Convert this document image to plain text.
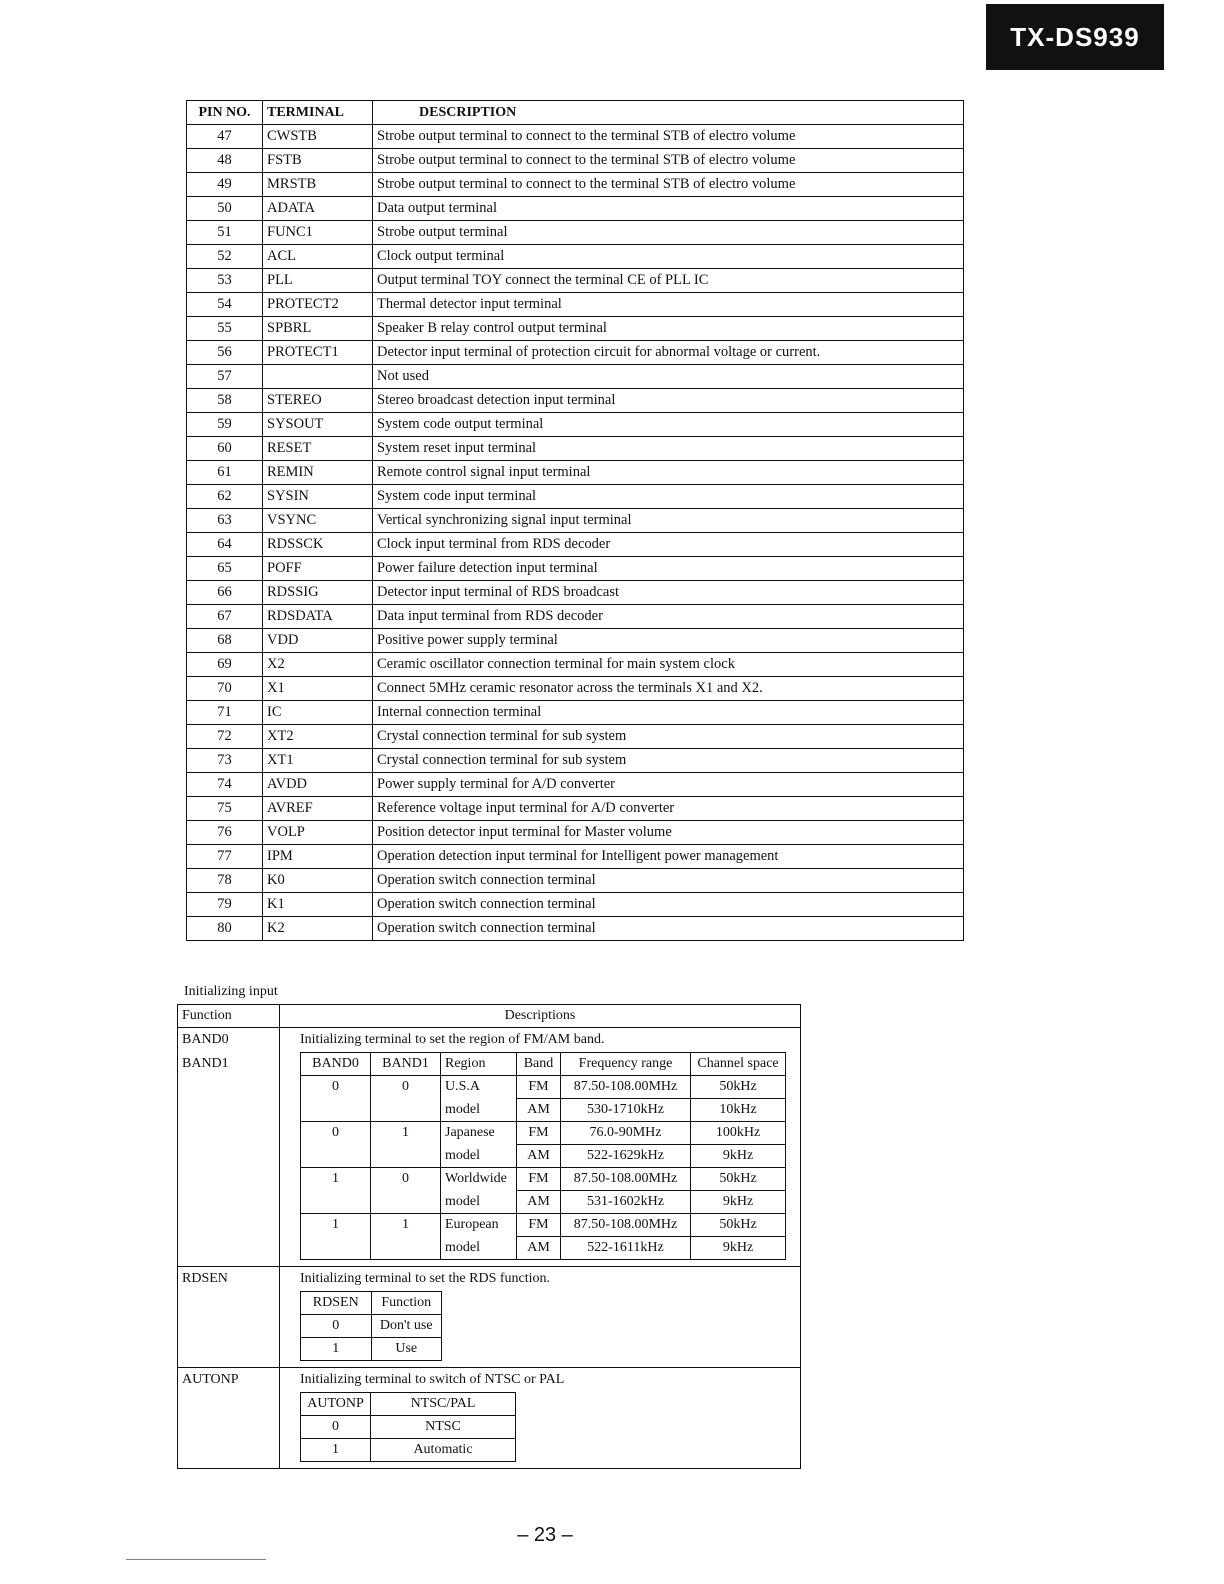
TX-DS939
PIN NO.	TERMINAL	DESCRIPTION
47	CWSTB	Strobe output terminal to connect to the terminal STB of electro volume
48	FSTB	Strobe output terminal to connect to the terminal STB of electro volume
49	MRSTB	Strobe output terminal to connect to the terminal STB of electro volume
50	ADATA	Data output terminal
51	FUNC1	Strobe output terminal
52	ACL	Clock output terminal
53	PLL	Output terminal TOY connect the terminal CE of PLL IC
54	PROTECT2	Thermal detector input terminal
55	SPBRL	Speaker B relay control output terminal
56	PROTECT1	Detector input terminal of protection circuit for abnormal voltage or current.
57		Not used
58	STEREO	Stereo broadcast detection input terminal
59	SYSOUT	System code output terminal
60	RESET	System reset input terminal
61	REMIN	Remote control signal input terminal
62	SYSIN	System code input terminal
63	VSYNC	Vertical synchronizing signal input terminal
64	RDSSCK	Clock input terminal from RDS decoder
65	POFF	Power failure detection input terminal
66	RDSSIG	Detector input terminal of RDS broadcast
67	RDSDATA	Data input terminal from RDS decoder
68	VDD	Positive power supply terminal
69	X2	Ceramic oscillator connection terminal for main system clock
70	X1	Connect 5MHz ceramic resonator across the terminals X1 and X2.
71	IC	Internal connection terminal
72	XT2	Crystal connection terminal for sub system
73	XT1	Crystal connection terminal for sub system
74	AVDD	Power supply terminal for A/D converter
75	AVREF	Reference voltage input terminal for A/D converter
76	VOLP	Position detector input terminal for Master volume
77	IPM	Operation detection input terminal for Intelligent power management
78	K0	Operation switch connection terminal
79	K1	Operation switch connection terminal
80	K2	Operation switch connection terminal
Initializing input
Function	Descriptions

BAND0
BAND1

Initializing terminal to set the region of FM/AM band.
BAND0	BAND1	Region	Band	Frequency range	Channel space
0	0	U.S.A	FM	87.50-108.00MHz	50kHz
		model	AM	530-1710kHz	10kHz
0	1	Japanese	FM	76.0-90MHz	100kHz
		model	AM	522-1629kHz	9kHz
1	0	Worldwide	FM	87.50-108.00MHz	50kHz
		model	AM	531-1602kHz	9kHz
1	1	European	FM	87.50-108.00MHz	50kHz
		model	AM	522-1611kHz	9kHz

RDSEN	Initializing terminal to set the RDS function.
RDSEN	Function
0	Don't use
1	Use

AUTONP	Initializing terminal to switch of NTSC or PAL
AUTONP	NTSC/PAL
0	NTSC
1	Automatic
– 23 –
